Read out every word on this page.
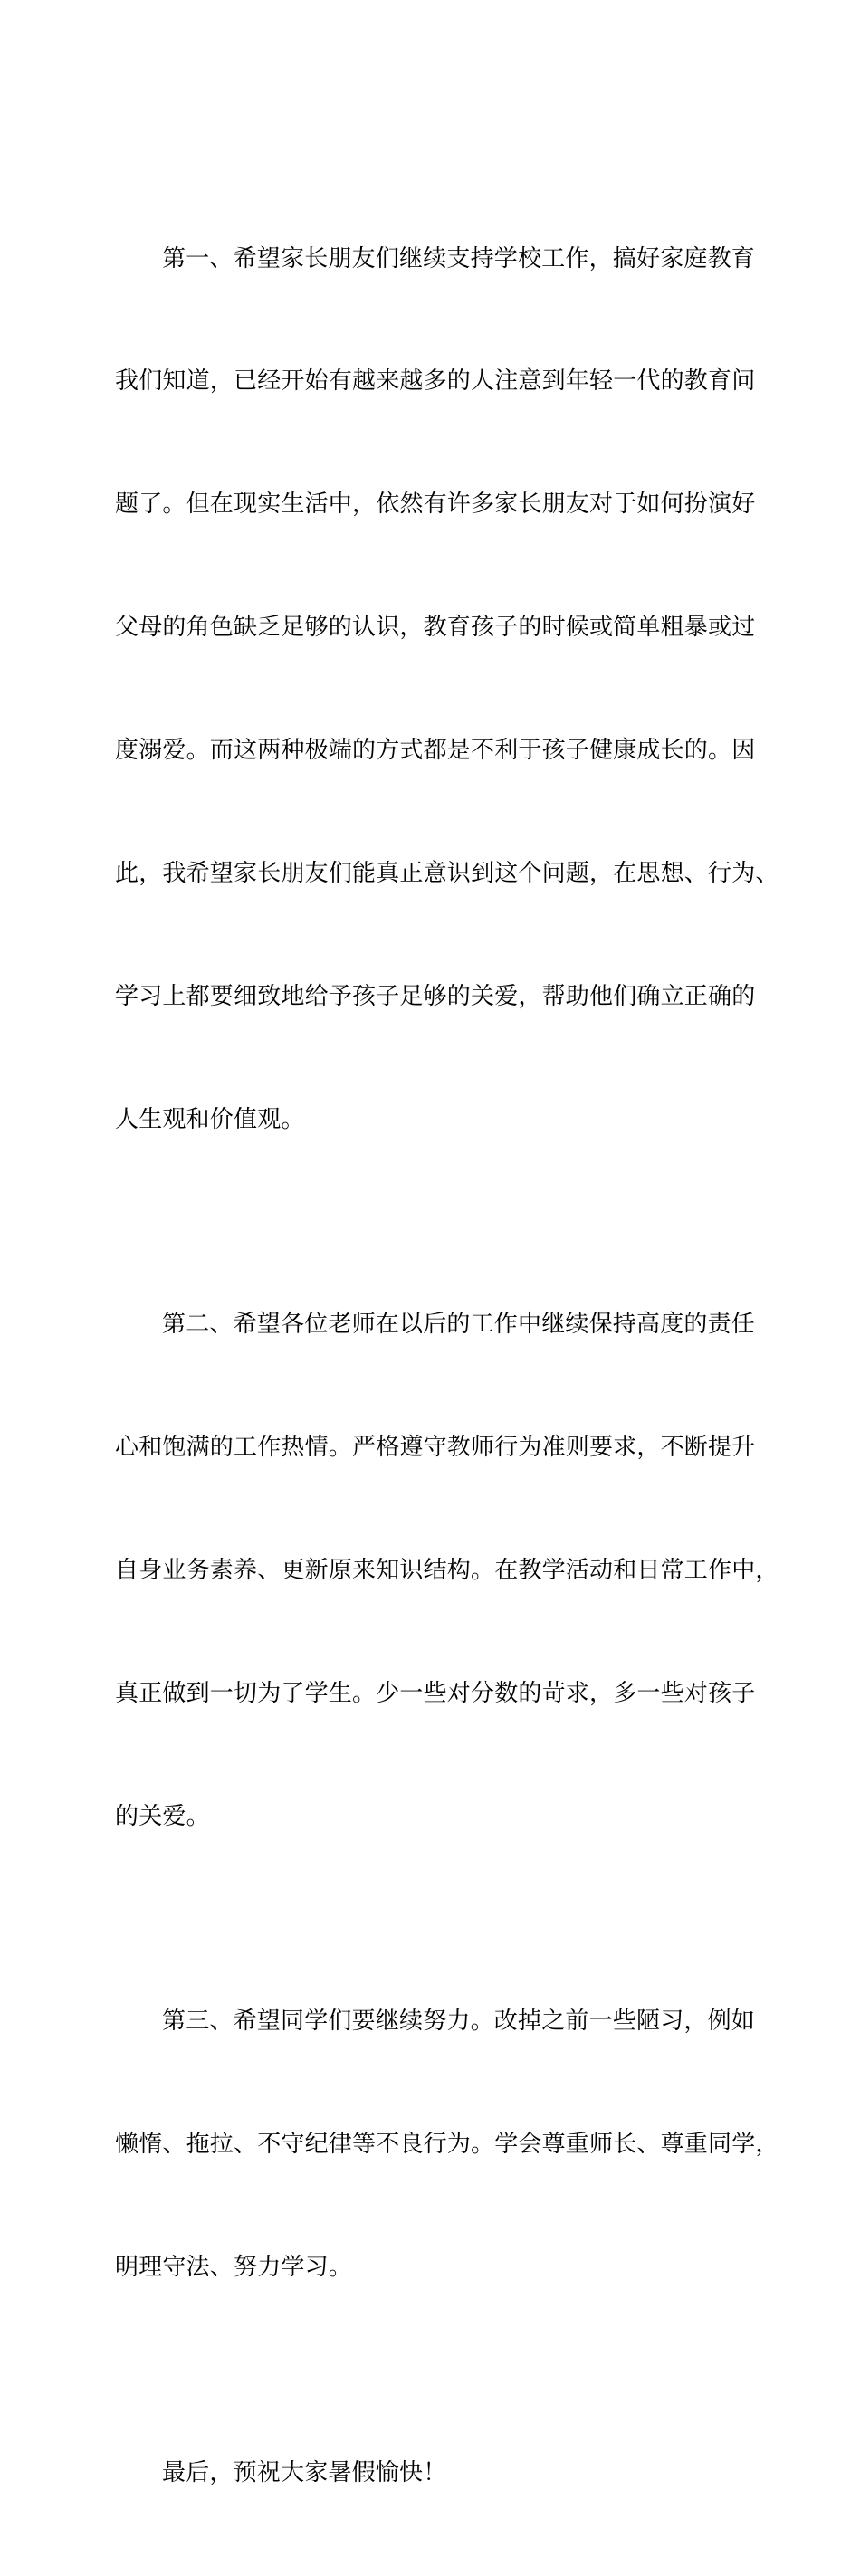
第一、希望家长朋友们继续支持学校工作，搞好家庭教育

我们知道，已经开始有越来越多的人注意到年轻一代的教育问

题了。但在现实生活中，依然有许多家长朋友对于如何扮演好

父母的角色缺乏足够的认识，教育孩子的时候或简单粗暴或过

度溺爱。而这两种极端的方式都是不利于孩子健康成长的。因

此，我希望家长朋友们能真正意识到这个问题，在思想、行为、

学习上都要细致地给予孩子足够的关爱，帮助他们确立正确的

人生观和价值观。

第二、希望各位老师在以后的工作中继续保持高度的责任

心和饱满的工作热情。严格遵守教师行为准则要求，不断提升

自身业务素养、更新原来知识结构。在教学活动和日常工作中，

真正做到一切为了学生。少一些对分数的苛求，多一些对孩子

的关爱。

第三、希望同学们要继续努力。改掉之前一些陋习，例如

懒惰、拖拉、不守纪律等不良行为。学会尊重师长、尊重同学，

明理守法、努力学习。

最后，预祝大家暑假愉快！
